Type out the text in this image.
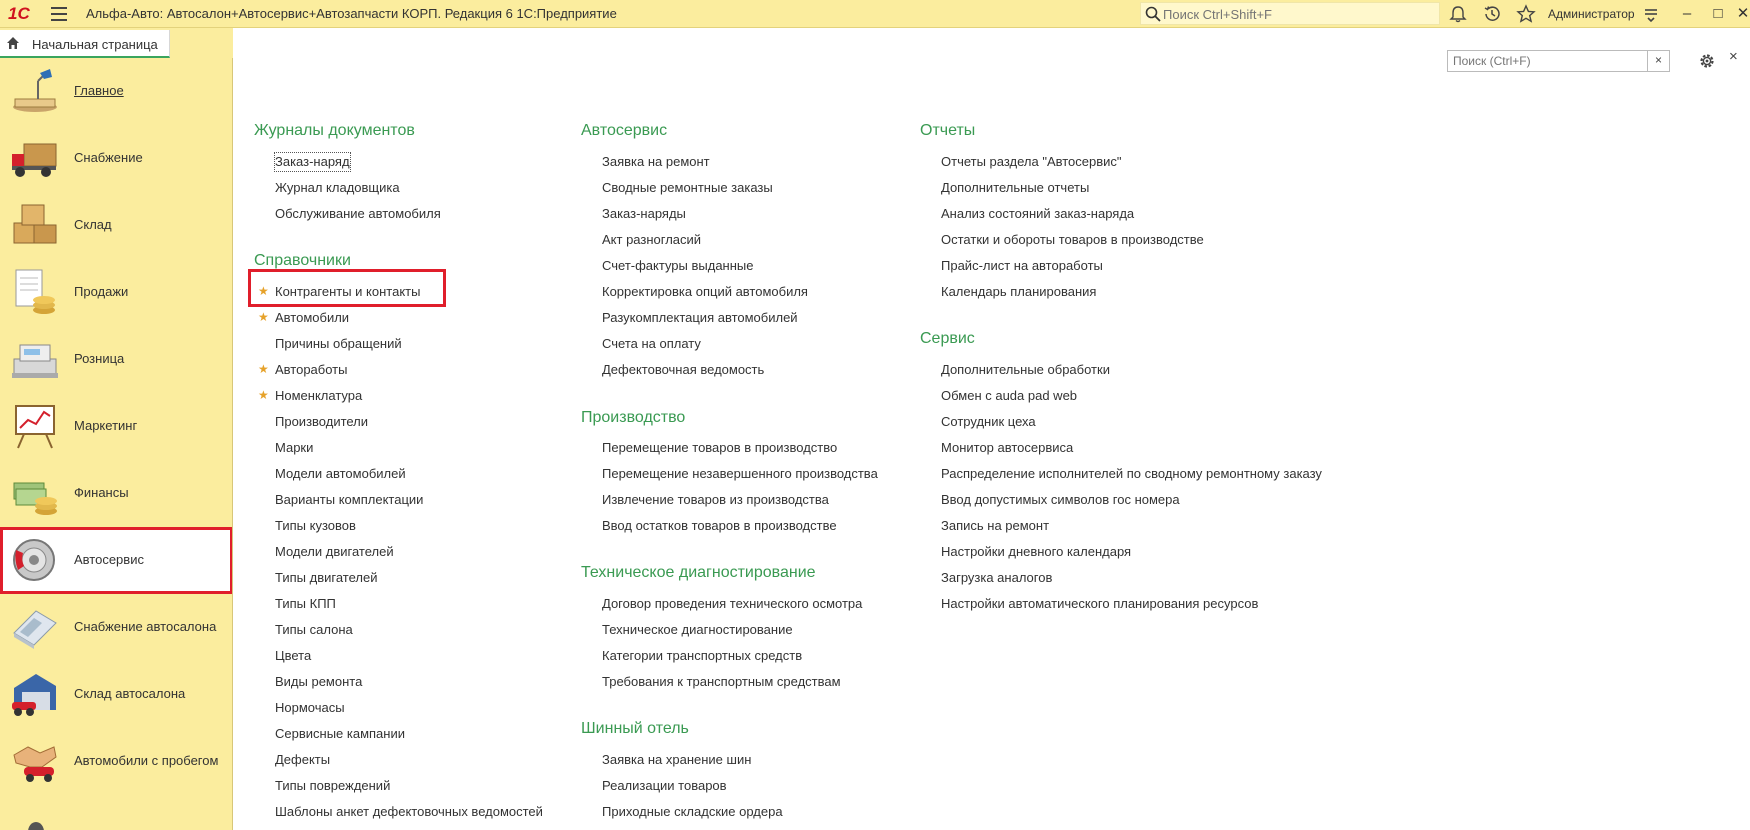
1С	Альфа-Авто: Автосалон+Автосервис+Автозапчасти КОРП. Редакция 6 1С:Предприятие
Поиск Ctrl+Shift+F	Администратор	–	□ ✕
Начальная страница
Главное
Снабжение
Склад
Продажи
Розница
Маркетинг
Финансы
Автосервис
Снабжение автосалона
Склад автосалона
Автомобили с пробегом
Поиск (Ctrl+F)
×	×
Журналы документов
Заказ-наряд
Журнал кладовщика
Обслуживание автомобиля
Справочники
★ Контрагенты и контакты
★ Автомобили
Причины обращений
★ Автоработы
★ Номенклатура
Производители
Марки
Модели автомобилей
Варианты комплектации
Типы кузовов
Модели двигателей
Типы двигателей
Типы КПП
Типы салона
Цвета
Виды ремонта
Нормочасы
Сервисные кампании
Дефекты
Типы повреждений
Шаблоны анкет дефектовочных ведомостей
Автосервис
Заявка на ремонт
Сводные ремонтные заказы
Заказ-наряды
Акт разногласий
Счет-фактуры выданные
Корректировка опций автомобиля
Разукомплектация автомобилей
Счета на оплату
Дефектовочная ведомость
Производство
Перемещение товаров в производство
Перемещение незавершенного производства
Извлечение товаров из производства
Ввод остатков товаров в производстве
Техническое диагностирование
Договор проведения технического осмотра
Техническое диагностирование
Категории транспортных средств
Требования к транспортным средствам
Шинный отель
Заявка на хранение шин
Реализации товаров
Приходные складские ордера
Отчеты
Отчеты раздела "Автосервис"
Дополнительные отчеты
Анализ состояний заказ-наряда
Остатки и обороты товаров в производстве
Прайс-лист на автоработы
Календарь планирования
Сервис
Дополнительные обработки
Обмен с auda pad web
Сотрудник цеха
Монитор автосервиса
Распределение исполнителей по сводному ремонтному заказу
Ввод допустимых символов гос номера
Запись на ремонт
Настройки дневного календаря
Загрузка аналогов
Настройки автоматического планирования ресурсов
